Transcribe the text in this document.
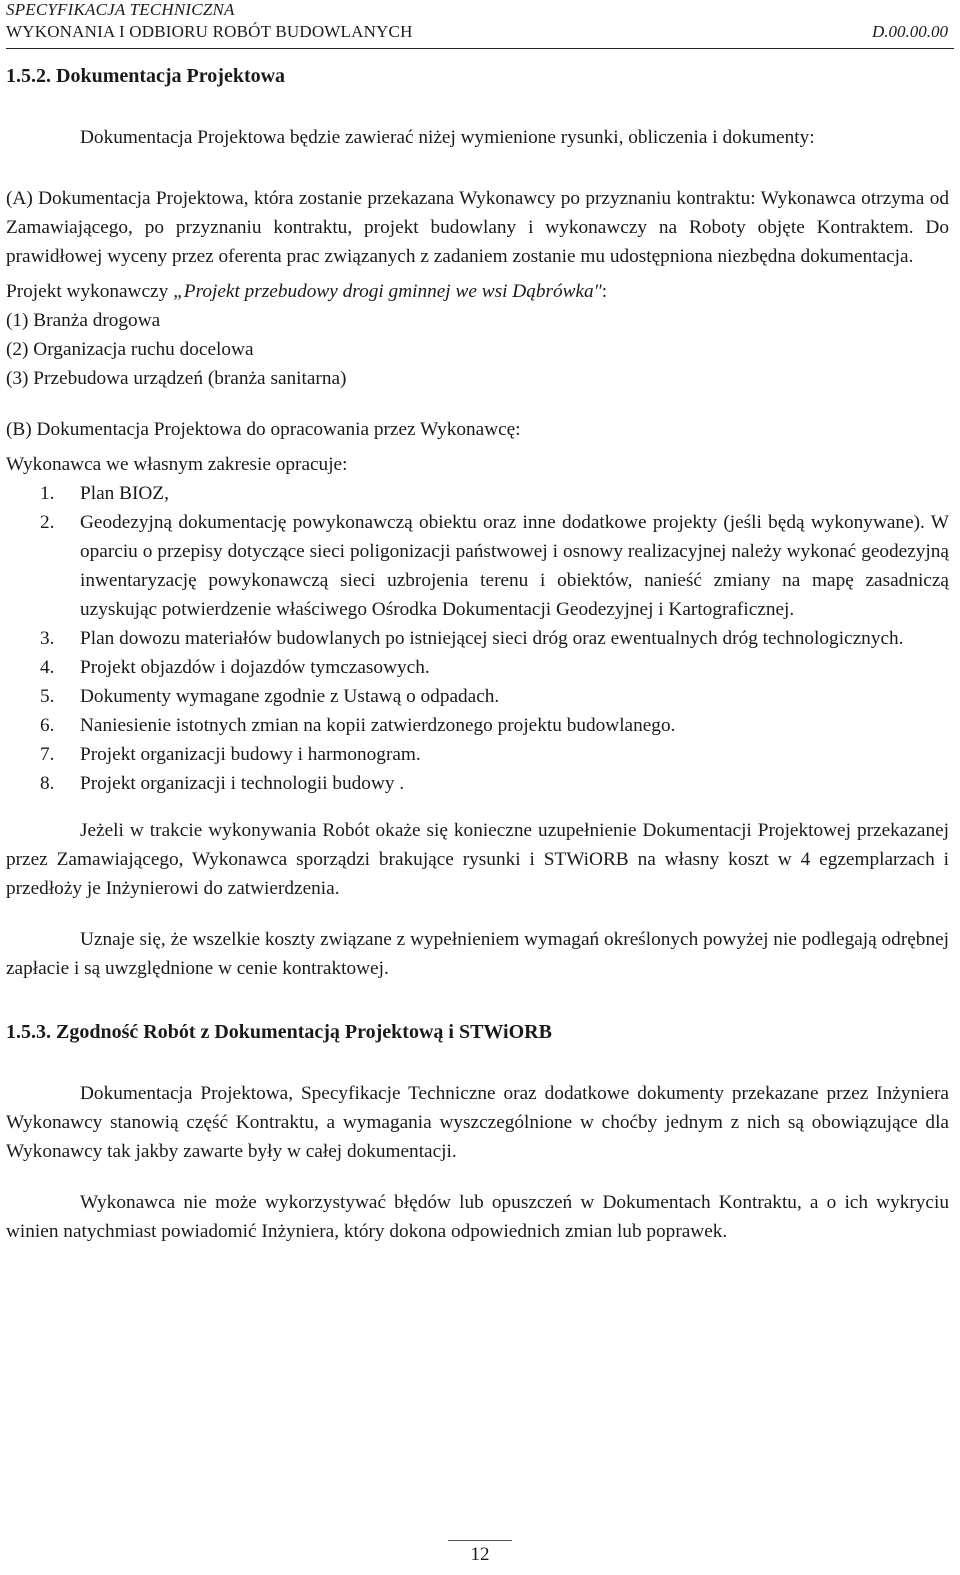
SPECYFIKACJA TECHNICZNA
WYKONANIA I ODBIORU ROBÓT BUDOWLANYCH	D.00.00.00
1.5.2. Dokumentacja Projektowa

Dokumentacja Projektowa będzie zawierać niżej wymienione rysunki, obliczenia i dokumenty:

(A) Dokumentacja Projektowa, która zostanie przekazana Wykonawcy po przyznaniu kontraktu: Wykonawca otrzyma od Zamawiającego, po przyznaniu kontraktu, projekt budowlany i wykonawczy na Roboty objęte Kontraktem. Do prawidłowej wyceny przez oferenta prac związanych z zadaniem zostanie mu udostępniona niezbędna dokumentacja.

Projekt wykonawczy „Projekt przebudowy drogi gminnej we wsi Dąbrówka":

(1) Branża drogowa

(2) Organizacja ruchu docelowa

(3) Przebudowa urządzeń (branża sanitarna)

(B) Dokumentacja Projektowa do opracowania przez Wykonawcę:

Wykonawca we własnym zakresie opracuje:

1. Plan BIOZ,
2. Geodezyjną dokumentację powykonawczą obiektu oraz inne dodatkowe projekty (jeśli będą wykonywane). W oparciu o przepisy dotyczące sieci poligonizacji państwowej i osnowy realizacyjnej należy wykonać geodezyjną inwentaryzację powykonawczą sieci uzbrojenia terenu i obiektów, nanieść zmiany na mapę zasadniczą uzyskując potwierdzenie właściwego Ośrodka Dokumentacji Geodezyjnej i Kartograficznej.
3. Plan dowozu materiałów budowlanych po istniejącej sieci dróg oraz ewentualnych dróg technologicznych.
4. Projekt objazdów i dojazdów tymczasowych.
5. Dokumenty wymagane zgodnie z Ustawą o odpadach.
6. Naniesienie istotnych zmian na kopii zatwierdzonego projektu budowlanego.
7. Projekt organizacji budowy i harmonogram.
8. Projekt organizacji i technologii budowy .

Jeżeli w trakcie wykonywania Robót okaże się konieczne uzupełnienie Dokumentacji Projektowej przekazanej przez Zamawiającego, Wykonawca sporządzi brakujące rysunki i STWiORB na własny koszt w 4 egzemplarzach i przedłoży je Inżynierowi do zatwierdzenia.

Uznaje się, że wszelkie koszty związane z wypełnieniem wymagań określonych powyżej nie podlegają odrębnej zapłacie i są uwzględnione w cenie kontraktowej.

1.5.3. Zgodność Robót z Dokumentacją Projektową i STWiORB

Dokumentacja Projektowa, Specyfikacje Techniczne oraz dodatkowe dokumenty przekazane przez Inżyniera Wykonawcy stanowią część Kontraktu, a wymagania wyszczególnione w choćby jednym z nich są obowiązujące dla Wykonawcy tak jakby zawarte były w całej dokumentacji.

Wykonawca nie może wykorzystywać błędów lub opuszczeń w Dokumentach Kontraktu, a o ich wykryciu winien natychmiast powiadomić Inżyniera, który dokona odpowiednich zmian lub poprawek.

12
